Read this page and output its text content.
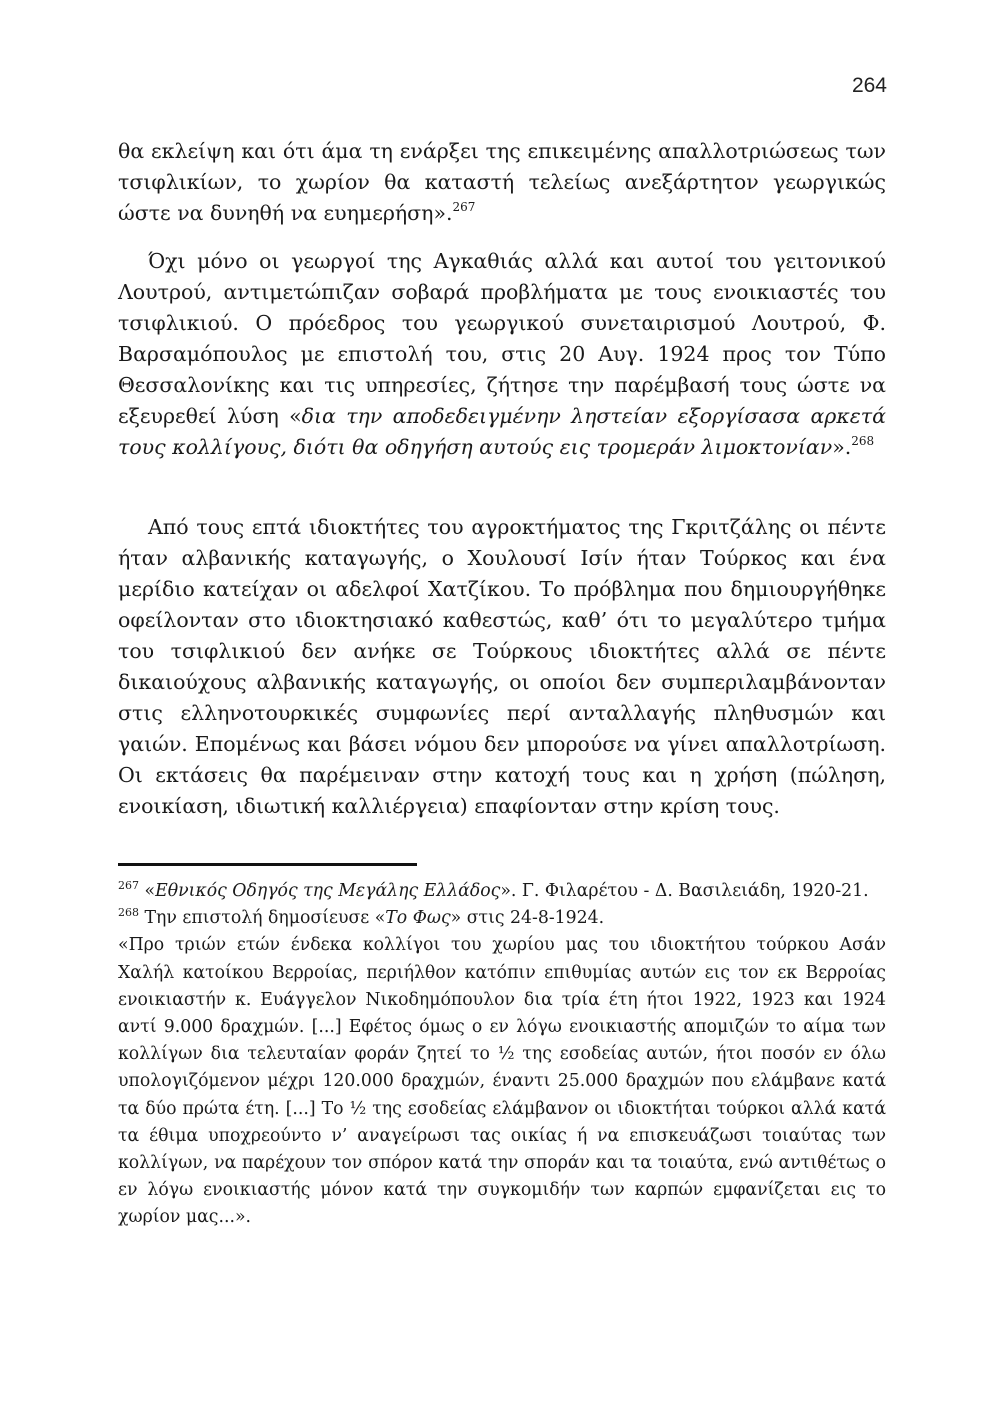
264

θα εκλείψη και ότι άμα τη ενάρξει της επικειμένης απαλλοτριώσεως των τσιφλικίων, το χωρίον θα καταστή τελείως ανεξάρτητον γεωργικώς ώστε να δυνηθή να ευημερήση».$^{267}$

Όχι μόνο οι γεωργοί της Αγκαθιάς αλλά και αυτοί του γειτονικού Λουτρού, αντιμετώπιζαν σοβαρά προβλήματα με τους ενοικιαστές του τσιφλικιού. Ο πρόεδρος του γεωργικού συνεταιρισμού Λουτρού, Φ. Βαρσαμόπουλος με επιστολή του, στις 20 Αυγ. 1924 προς τον Τύπο Θεσσαλονίκης και τις υπηρεσίες, ζήτησε την παρέμβασή τους ώστε να εξευρεθεί λύση «δια την αποδεδειγμένην ληστείαν εξοργίσασα αρκετά τους κολλίγους, διότι θα οδηγήση αυτούς εις τρομεράν λιμοκτονίαν».$^{268}$

Από τους επτά ιδιοκτήτες του αγροκτήματος της Γκριτζάλης οι πέντε ήταν αλβανικής καταγωγής, ο Χουλουσί Ισίν ήταν Τούρκος και ένα μερίδιο κατείχαν οι αδελφοί Χατζίκου. Το πρόβλημα που δημιουργήθηκε οφείλονταν στο ιδιοκτησιακό καθεστώς, καθ’ ότι το μεγαλύτερο τμήμα του τσιφλικιού δεν ανήκε σε Τούρκους ιδιοκτήτες αλλά σε πέντε δικαιούχους αλβανικής καταγωγής, οι οποίοι δεν συμπεριλαμβάνονταν στις ελληνοτουρκικές συμφωνίες περί ανταλλαγής πληθυσμών και γαιών. Επομένως και βάσει νόμου δεν μπορούσε να γίνει απαλλοτρίωση. Οι εκτάσεις θα παρέμειναν στην κατοχή τους και η χρήση (πώληση, ενοικίαση, ιδιωτική καλλιέργεια) επαφίονταν στην κρίση τους.

$^{267}$ «Εθνικός Οδηγός της Μεγάλης Ελλάδος». Γ. Φιλαρέτου - Δ. Βασιλειάδη, 1920-21.

$^{268}$ Την επιστολή δημοσίευσε «Το Φως» στις 24-8-1924.

«Προ τριών ετών ένδεκα κολλίγοι του χωρίου μας του ιδιοκτήτου τούρκου Ασάν Χαλήλ κατοίκου Βερροίας, περιήλθον κατόπιν επιθυμίας αυτών εις τον εκ Βερροίας ενοικιαστήν κ. Ευάγγελον Νικοδημόπουλον δια τρία έτη ήτοι 1922, 1923 και 1924 αντί 9.000 δραχμών. [...] Εφέτος όμως ο εν λόγω ενοικιαστής απομιζών το αίμα των κολλίγων δια τελευταίαν φοράν ζητεί το ½ της εσοδείας αυτών, ήτοι ποσόν εν όλω υπολογιζόμενον μέχρι 120.000 δραχμών, έναντι 25.000 δραχμών που ελάμβανε κατά τα δύο πρώτα έτη. [...] Το ½ της εσοδείας ελάμβανον οι ιδιοκτήται τούρκοι αλλά κατά τα έθιμα υποχρεούντο ν’ αναγείρωσι τας οικίας ή να επισκευάζωσι τοιαύτας των κολλίγων, να παρέχουν τον σπόρον κατά την σποράν και τα τοιαύτα, ενώ αντιθέτως ο εν λόγω ενοικιαστής μόνον κατά την συγκομιδήν των καρπών εμφανίζεται εις το χωρίον μας...».
